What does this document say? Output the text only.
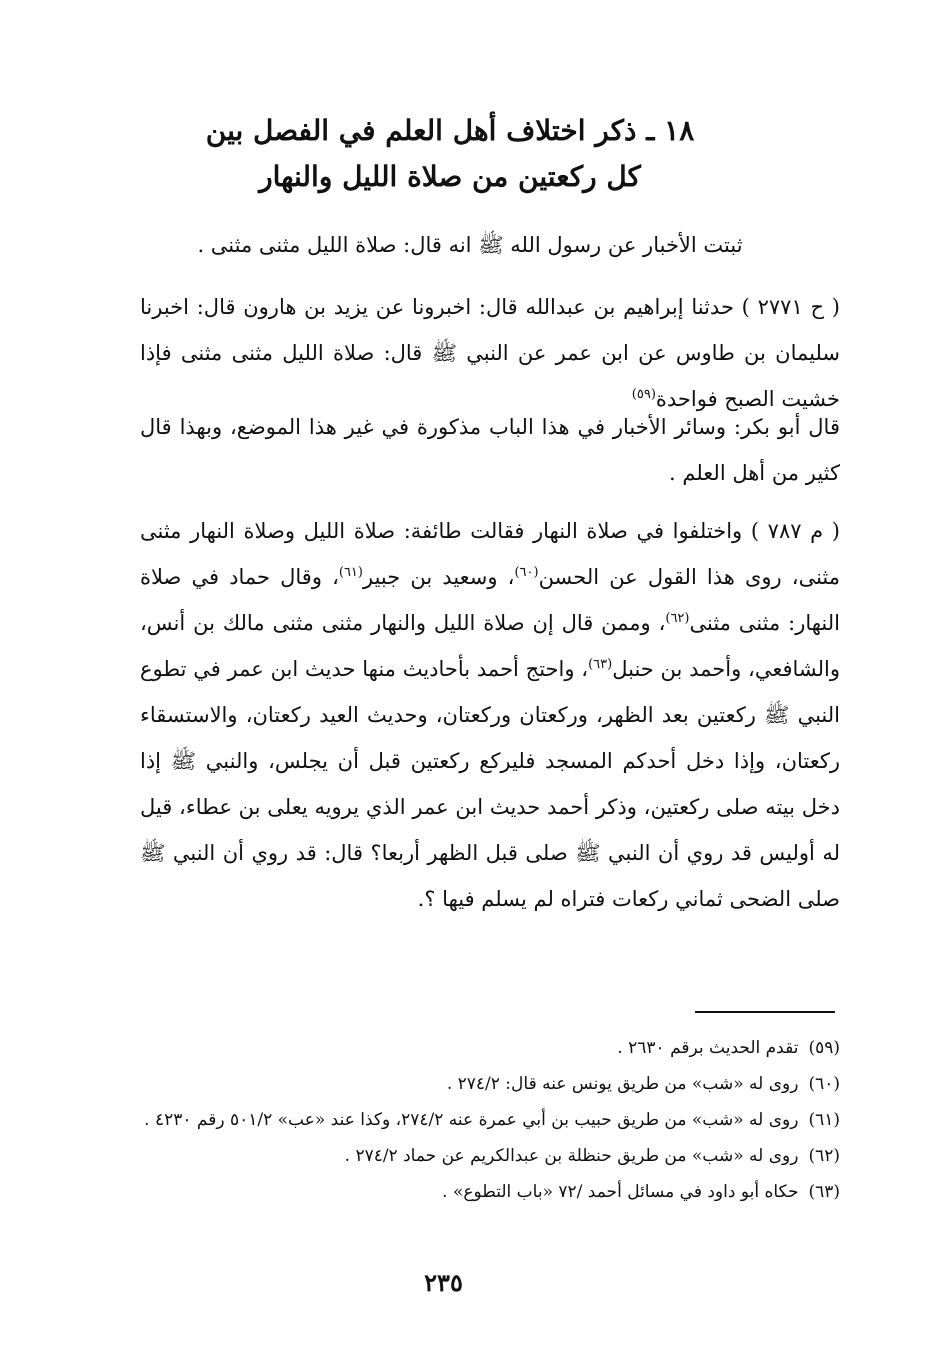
١٨ ـ ذكر اختلاف أهل العلم في الفصل بين
كل ركعتين من صلاة الليل والنهار

ثبتت الأخبار عن رسول الله ﷺ انه قال: صلاة الليل مثنى مثنى .

( ح ٢٧٧١ ) حدثنا إبراهيم بن عبدالله قال: اخبرونا عن يزيد بن هارون قال: اخبرنا سليمان بن طاوس عن ابن عمر عن النبي ﷺ قال: صلاة الليل مثنى مثنى فإذا خشيت الصبح فواحدة$^{(٥٩)}$

قال أبو بكر: وسائر الأخبار في هذا الباب مذكورة في غير هذا الموضع، وبهذا قال كثير من أهل العلم .

( م ٧٨٧ ) واختلفوا في صلاة النهار فقالت طائفة: صلاة الليل وصلاة النهار مثنى مثنى، روى هذا القول عن الحسن$^{(٦٠)}$، وسعيد بن جبير$^{(٦١)}$، وقال حماد في صلاة النهار: مثنى مثنى$^{(٦٢)}$، وممن قال إن صلاة الليل والنهار مثنى مثنى مالك بن أنس، والشافعي، وأحمد بن حنبل$^{(٦٣)}$، واحتج أحمد بأحاديث منها حديث ابن عمر في تطوع النبي ﷺ ركعتين بعد الظهر، وركعتان وركعتان، وحديث العيد ركعتان، والاستسقاء ركعتان، وإذا دخل أحدكم المسجد فليركع ركعتين قبل أن يجلس، والنبي ﷺ إذا دخل بيته صلى ركعتين، وذكر أحمد حديث ابن عمر الذي يرويه يعلى بن عطاء، قيل له أوليس قد روي أن النبي ﷺ صلى قبل الظهر أربعا؟ قال: قد روي أن النبي ﷺ صلى الضحى ثماني ركعات فتراه لم يسلم فيها ؟.

(٥٩)
تقدم الحديث برقم ٢٦٣٠ .
(٦٠)
روى له «شب» من طريق يونس عنه قال: ٢٧٤/٢ .
(٦١)
روى له «شب» من طريق حبيب بن أبي عمرة عنه ٢٧٤/٢، وكذا عند «عب» ٥٠١/٢ رقم ٤٢٣٠ .
(٦٢)
روى له «شب» من طريق حنظلة بن عبدالكريم عن حماد ٢٧٤/٢ .
(٦٣)
حكاه أبو داود في مسائل أحمد /٧٢ «باب التطوع» .
٢٣٥
